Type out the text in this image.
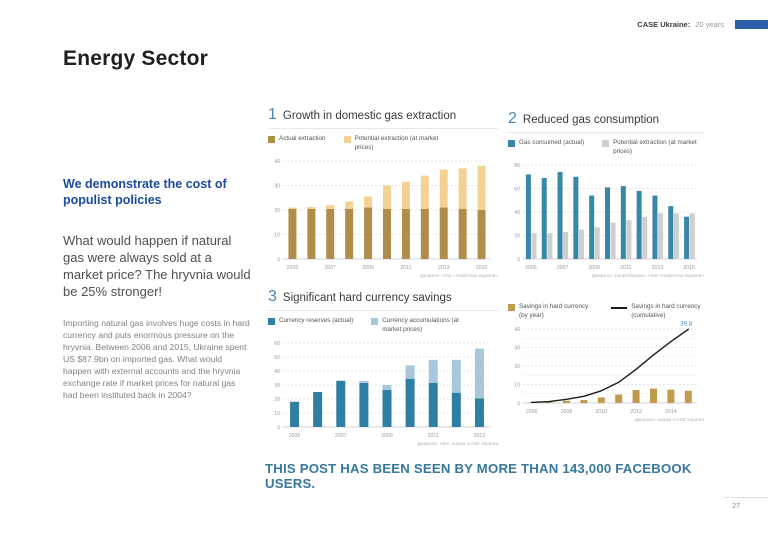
CASE Ukraine: 20 years
Energy Sector
We demonstrate the cost of populist policies
What would happen if natural gas were always sold at a market price? The hryvnia would be 25% stronger!
Importing natural gas involves huge costs in hard currency and puts enormous pressure on the hryvnia. Between 2006 and 2015, Ukraine spent US $87.9bn on imported gas. What would happen with external accounts and the hryvnia exchange rate if market prices for natural gas had been instituted back in 2004?
1 Growth in domestic gas extraction
Actual extraction	Potential extraction (at market prices)
0
10
20
30
40
2005	2007	2009	2011	2013	2015
Джерело: НАК «Нафтогаз України»
2 Reduced gas consumption
Gas consumed (actual)	Potential extraction (at market prices)
0
20
40
60
80
2005	2007	2009	2011	2013	2015
Джерело: Енергобаланс, НАК «Нафтогаз України»
3 Significant hard currency savings
Currency reserves (actual)	Currency accumulations (at market prices)
0
10
20
30
40
50
60
2005	2007	2009	2011	2013
Джерело: НБУ, оцінка CASE Україна
Savings in hard currency (by year)
Savings in hard currency (cumulative)
0
10
20
30
40
39.8
2006	2008	2010	2012	2014
Джерело: оцінка CASE Україна
THIS POST HAS BEEN SEEN BY MORE THAN 143,000 FACEBOOK USERS.
27
